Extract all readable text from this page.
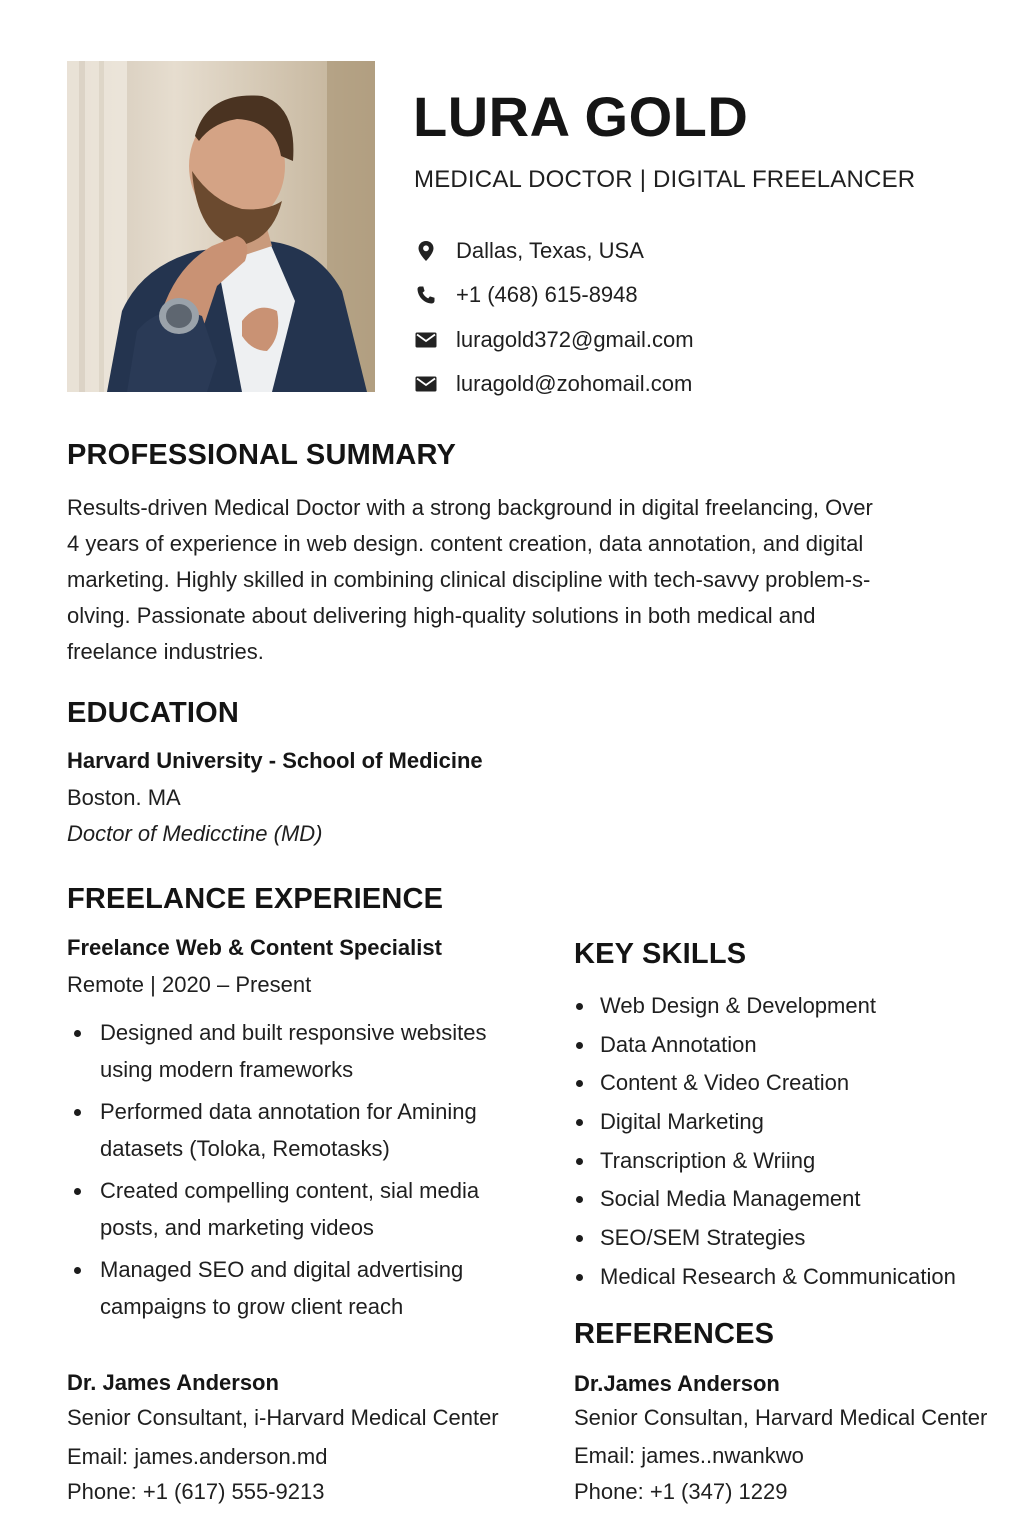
LURA GOLD
MEDICAL DOCTOR | DIGITAL FREELANCER
Dallas, Texas, USA
+1 (468) 615-8948
luragold372@gmail.com
luragold@zohomail.com
PROFESSIONAL SUMMARY
Results-driven Medical Doctor with a strong background in digital freelancing, Over
4 years of experience in web design. content creation, data annotation, and digital
marketing. Highly skilled in combining clinical discipline with tech-savvy problem-s-
olving. Passionate about delivering high-quality solutions in both medical and
freelance industries.
EDUCATION
Harvard University - School of Medicine
Boston. MA
Doctor of Medicctine (MD)
FREELANCE EXPERIENCE
Freelance Web & Content Specialist
Remote | 2020 – Present
Designed and built responsive websites
using modern frameworks
Performed data annotation for Amining
datasets (Toloka, Remotasks)
Created compelling content, sial media
posts, and marketing videos
Managed SEO and digital advertising
campaigns to grow client reach
KEY SKILLS
Web Design & Development
Data Annotation
Content & Video Creation
Digital Marketing
Transcription & Wriing
Social Media Management
SEO/SEM Strategies
Medical Research & Communication
REFERENCES
Dr. James Anderson
Senior Consultant, i-Harvard Medical Center
Email: james.anderson.md
Phone: +1 (617) 555-9213
Dr.James Anderson
Senior Consultan, Harvard Medical Center
Email: james..nwankwo
Phone: +1 (347) 1229
